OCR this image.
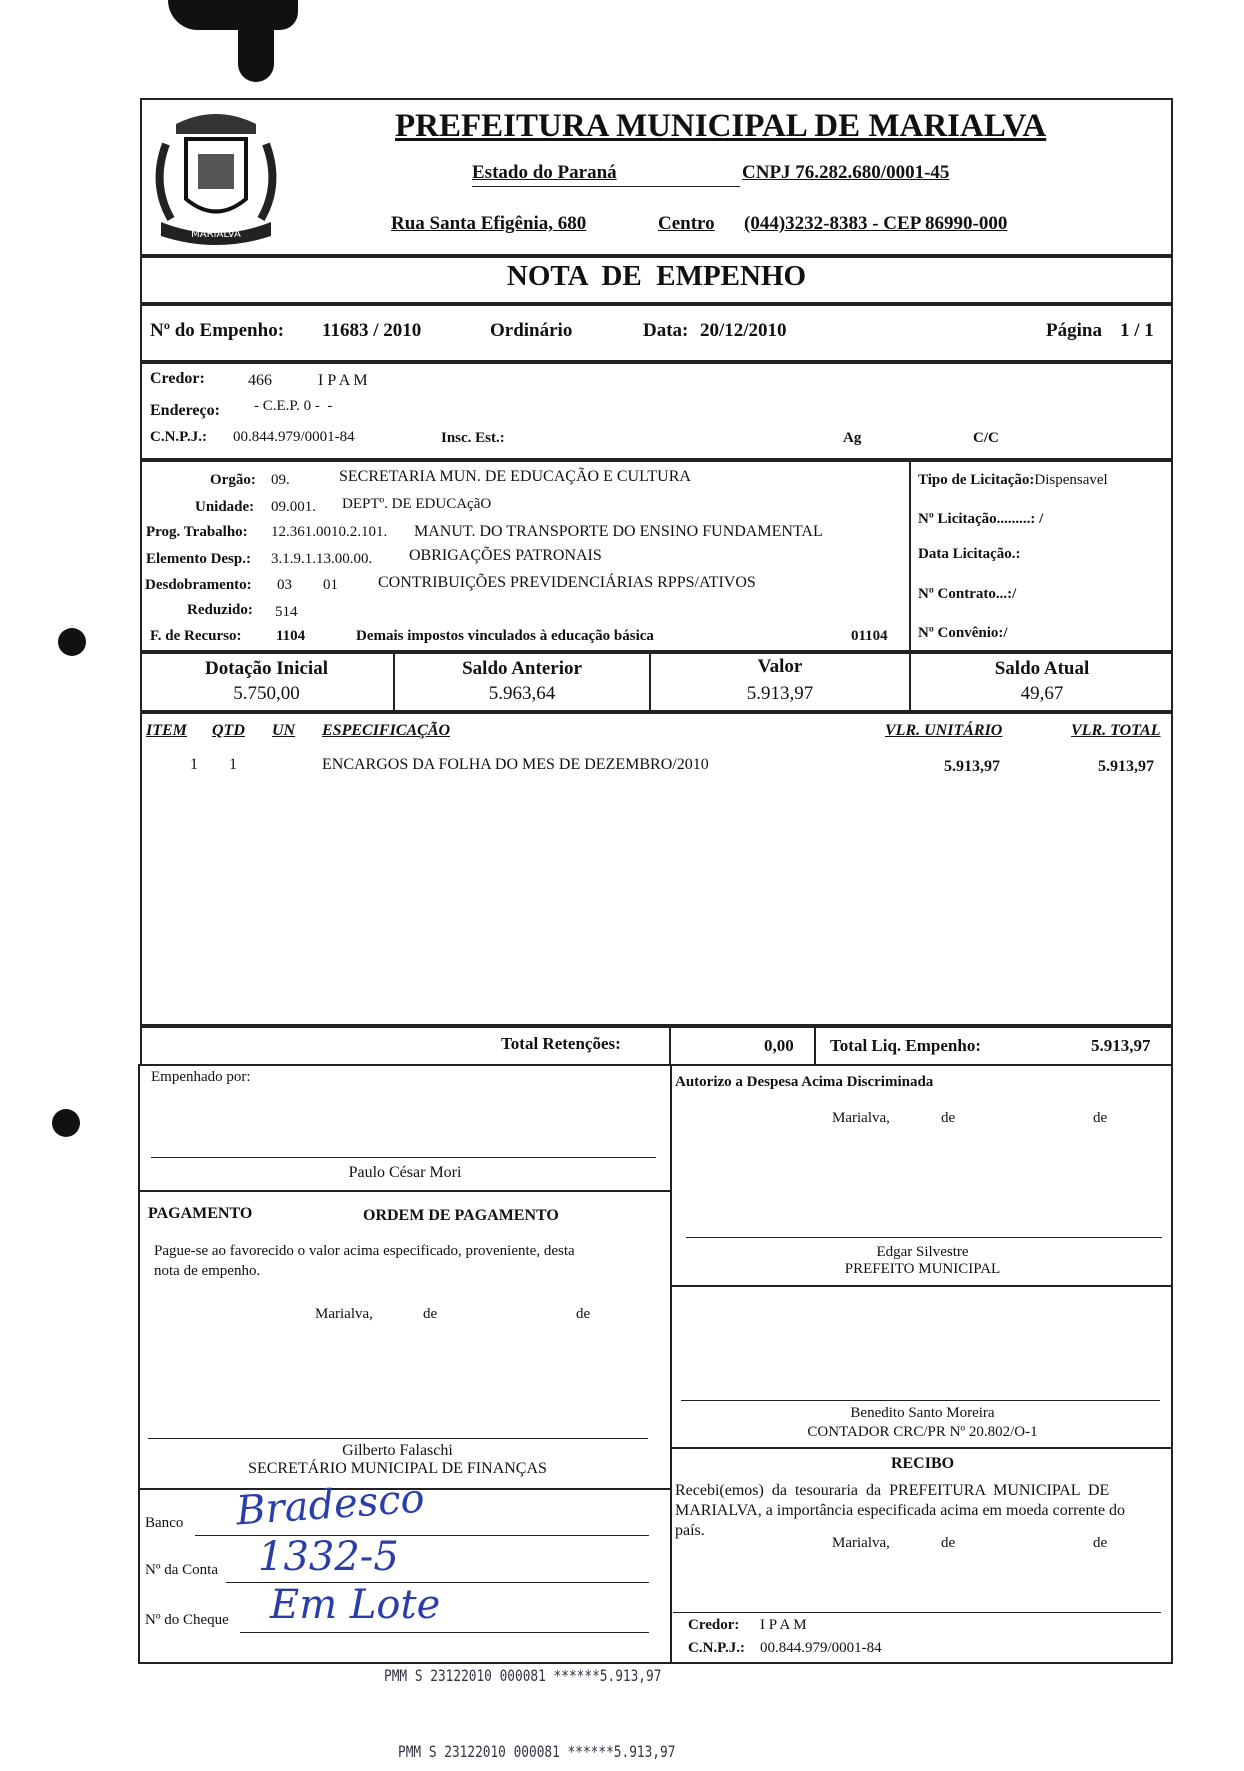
MARIALVA
PREFEITURA MUNICIPAL DE MARIALVA
Estado do Paraná	CNPJ 76.282.680/0001-45
Rua Santa Efigênia, 680	Centro (044)3232-8383 - CEP 86990-000
NOTA  DE  EMPENHO
Nº do Empenho: 11683 / 2010	Ordinário	Data: 20/12/2010	Página 1 / 1
Credor:	466	I P A M
Endereço: - C.E.P. 0 -  -
C.N.P.J.: 00.844.979/0001-84	Insc. Est.:	Ag	C/C
Orgão: 09.	SECRETARIA MUN. DE EDUCAÇÃO E CULTURA
Unidade: 09.001. DEPTº. DE EDUCAçãO
Prog. Trabalho: 12.361.0010.2.101. MANUT. DO TRANSPORTE DO ENSINO FUNDAMENTAL
Elemento Desp.: 3.1.9.1.13.00.00. OBRIGAÇÕES PATRONAIS
Desdobramento: 03 01	CONTRIBUIÇÕES PREVIDENCIÁRIAS RPPS/ATIVOS
Reduzido: 514
F. de Recurso: 1104	Demais impostos vinculados à educação básica	01104
Tipo de Licitação:Dispensavel
Nº Licitação.........: /
Data Licitação.:
Nº Contrato...:/
Nº Convênio:/
Dotação Inicial
5.750,00
Saldo Anterior
5.963,64
Valor
5.913,97
Saldo Atual
49,67
ITEM QTD UN ESPECIFICAÇÃO	VLR. UNITÁRIO	VLR. TOTAL
1 1	ENCARGOS DA FOLHA DO MES DE DEZEMBRO/2010	5.913,97	5.913,97
Total Retenções:	0,00 Total Liq. Empenho:	5.913,97
Empenhado por:
Paulo César Mori
PAGAMENTO	ORDEM DE PAGAMENTO
Pague-se ao favorecido o valor acima especificado, proveniente, desta
nota de empenho.
Marialva,	de	de
Gilberto Falaschi
SECRETÁRIO MUNICIPAL DE FINANÇAS
Banco Bradesco
Nº da Conta 1332-5
Nº do Cheque Em Lote
Autorizo a Despesa Acima Discriminada
Marialva,	de	de
Edgar Silvestre
PREFEITO MUNICIPAL
Benedito Santo Moreira
CONTADOR CRC/PR Nº 20.802/O-1
RECIBO
Recebi(emos)  da  tesouraria  da  PREFEITURA  MUNICIPAL  DE
MARIALVA, a importância especificada acima em moeda corrente do
país.
Marialva,	de	de
Credor: I P A M
C.N.P.J.: 00.844.979/0001-84
PMM S 23122010 000081 ******5.913,97
PMM S 23122010 000081 ******5.913,97
